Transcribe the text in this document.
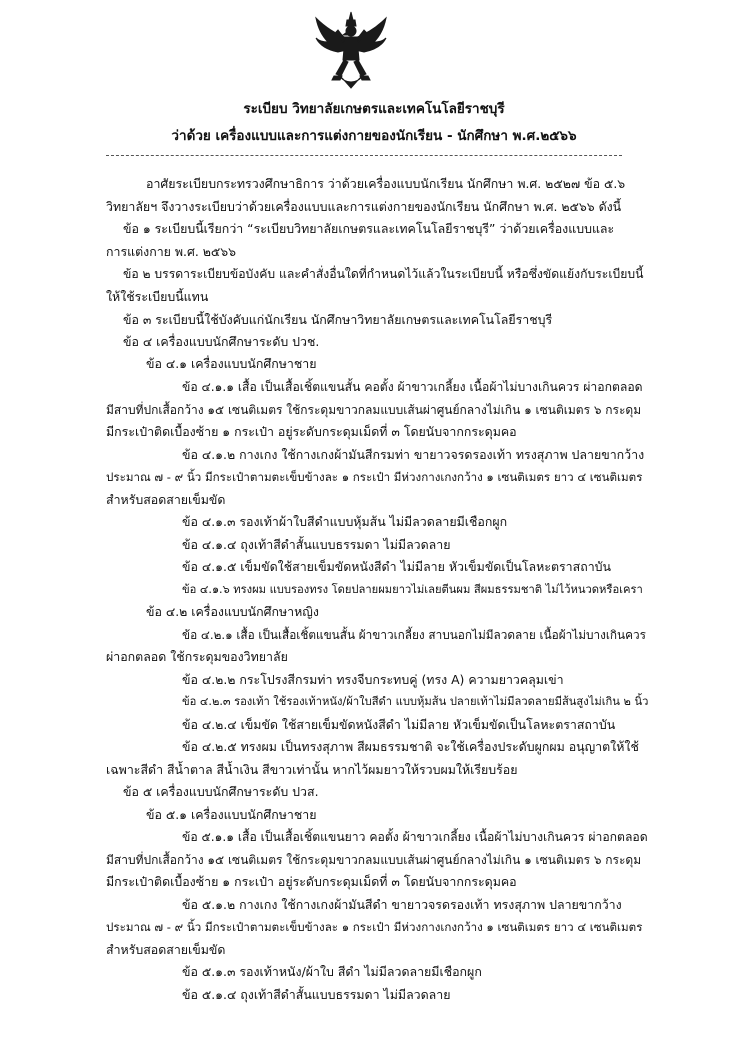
ระเบียบ วิทยาลัยเกษตรและเทคโนโลยีราชบุรี
ว่าด้วย เครื่องแบบและการแต่งกายของนักเรียน - นักศึกษา พ.ศ.๒๕๖๖
อาศัยระเบียบกระทรวงศึกษาธิการ ว่าด้วยเครื่องแบบนักเรียน นักศึกษา พ.ศ. ๒๕๒๗ ข้อ ๕.๖
วิทยาลัยฯ จึงวางระเบียบว่าด้วยเครื่องแบบและการแต่งกายของนักเรียน นักศึกษา พ.ศ. ๒๕๖๖ ดังนี้
ข้อ ๑ ระเบียบนี้เรียกว่า “ระเบียบวิทยาลัยเกษตรและเทคโนโลยีราชบุรี” ว่าด้วยเครื่องแบบและ
การแต่งกาย พ.ศ. ๒๕๖๖
ข้อ ๒ บรรดาระเบียบข้อบังคับ และคำสั่งอื่นใดที่กำหนดไว้แล้วในระเบียบนี้ หรือซึ่งขัดแย้งกับระเบียบนี้
ให้ใช้ระเบียบนี้แทน
ข้อ ๓ ระเบียบนี้ใช้บังคับแก่นักเรียน นักศึกษาวิทยาลัยเกษตรและเทคโนโลยีราชบุรี
ข้อ ๔ เครื่องแบบนักศึกษาระดับ ปวช.
ข้อ ๔.๑ เครื่องแบบนักศึกษาชาย
ข้อ ๔.๑.๑ เสื้อ เป็นเสื้อเชิ้ตแขนสั้น คอตั้ง ผ้าขาวเกลี้ยง เนื้อผ้าไม่บางเกินควร ผ่าอกตลอด
มีสาบที่ปกเสื้อกว้าง ๑๕ เซนติเมตร ใช้กระดุมขาวกลมแบบเส้นผ่าศูนย์กลางไม่เกิน ๑ เซนติเมตร ๖ กระดุม
มีกระเป๋าติดเบื้องซ้าย ๑ กระเป๋า อยู่ระดับกระดุมเม็ดที่ ๓ โดยนับจากกระดุมคอ
ข้อ ๔.๑.๒ กางเกง ใช้กางเกงผ้ามันสีกรมท่า ขายาวจรดรองเท้า ทรงสุภาพ ปลายขากว้าง
ประมาณ ๗ - ๙ นิ้ว มีกระเป๋าตามตะเข็บข้างละ ๑ กระเป๋า มีห่วงกางเกงกว้าง ๑ เซนติเมตร ยาว ๔ เซนติเมตร
สำหรับสอดสายเข็มขัด
ข้อ ๔.๑.๓ รองเท้าผ้าใบสีดำแบบหุ้มส้น ไม่มีลวดลายมีเชือกผูก
ข้อ ๔.๑.๔ ถุงเท้าสีดำสั้นแบบธรรมดา ไม่มีลวดลาย
ข้อ ๔.๑.๕ เข็มขัดใช้สายเข็มขัดหนังสีดำ ไม่มีลาย หัวเข็มขัดเป็นโลหะตราสถาบัน
ข้อ ๔.๑.๖ ทรงผม แบบรองทรง โดยปลายผมยาวไม่เลยตีนผม สีผมธรรมชาติ ไม่ไว้หนวดหรือเครา
ข้อ ๔.๒ เครื่องแบบนักศึกษาหญิง
ข้อ ๔.๒.๑ เสื้อ เป็นเสื้อเชิ้ตแขนสั้น ผ้าขาวเกลี้ยง สาบนอกไม่มีลวดลาย เนื้อผ้าไม่บางเกินควร
ผ่าอกตลอด ใช้กระดุมของวิทยาลัย
ข้อ ๔.๒.๒ กระโปรงสีกรมท่า ทรงจีบกระทบคู่ (ทรง A) ความยาวคลุมเข่า
ข้อ ๔.๒.๓ รองเท้า ใช้รองเท้าหนัง/ผ้าใบสีดำ แบบหุ้มส้น ปลายเท้าไม่มีลวดลายมีส้นสูงไม่เกิน ๒ นิ้ว
ข้อ ๔.๒.๔ เข็มขัด ใช้สายเข็มขัดหนังสีดำ ไม่มีลาย หัวเข็มขัดเป็นโลหะตราสถาบัน
ข้อ ๔.๒.๕ ทรงผม เป็นทรงสุภาพ สีผมธรรมชาติ จะใช้เครื่องประดับผูกผม อนุญาตให้ใช้
เฉพาะสีดำ สีน้ำตาล สีน้ำเงิน สีขาวเท่านั้น หากไว้ผมยาวให้รวบผมให้เรียบร้อย
ข้อ ๕ เครื่องแบบนักศึกษาระดับ ปวส.
ข้อ ๕.๑ เครื่องแบบนักศึกษาชาย
ข้อ ๕.๑.๑ เสื้อ เป็นเสื้อเชิ้ตแขนยาว คอตั้ง ผ้าขาวเกลี้ยง เนื้อผ้าไม่บางเกินควร ผ่าอกตลอด
มีสาบที่ปกเสื้อกว้าง ๑๕ เซนติเมตร ใช้กระดุมขาวกลมแบบเส้นผ่าศูนย์กลางไม่เกิน ๑ เซนติเมตร ๖ กระดุม
มีกระเป๋าติดเบื้องซ้าย ๑ กระเป๋า อยู่ระดับกระดุมเม็ดที่ ๓ โดยนับจากกระดุมคอ
ข้อ ๕.๑.๒ กางเกง ใช้กางเกงผ้ามันสีดำ ขายาวจรดรองเท้า ทรงสุภาพ ปลายขากว้าง
ประมาณ ๗ - ๙ นิ้ว มีกระเป๋าตามตะเข็บข้างละ ๑ กระเป๋า มีห่วงกางเกงกว้าง ๑ เซนติเมตร ยาว ๔ เซนติเมตร
สำหรับสอดสายเข็มขัด
ข้อ ๕.๑.๓ รองเท้าหนัง/ผ้าใบ สีดำ ไม่มีลวดลายมีเชือกผูก
ข้อ ๕.๑.๔ ถุงเท้าสีดำสั้นแบบธรรมดา ไม่มีลวดลาย
